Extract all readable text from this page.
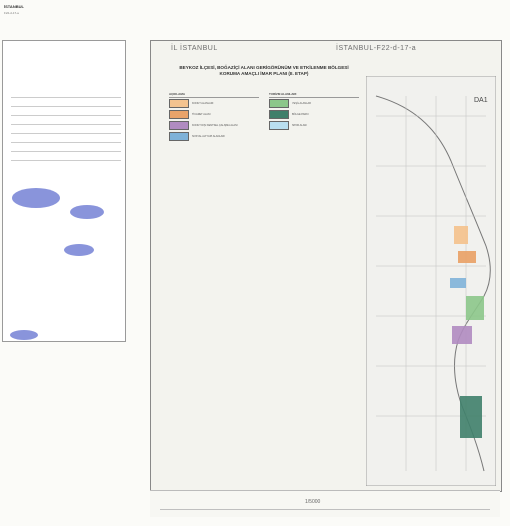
İSTANBUL
F22-d-17-a
İL İSTANBUL	İSTANBUL-F22-d-17-a
BEYKOZ İLÇESİ, BOĞAZİÇİ ALANI GERİGÖRÜNÜM VE ETKİLENME BÖLGESİ
KORUMA AMAÇLI İMAR PLANI (II. ETAP)
AÇIKLAMA
KONUT ALANLARI
TİCARET ALANI
KONUT DIŞI KENTSEL ÇALIŞMA ALANI
SOSYAL ALTYAPI ALANLARI
TURİZM ALANLARI
YEŞİL ALANLAR
BÖLGE PARKI
SPOR ALANI
DA1
1/5000
